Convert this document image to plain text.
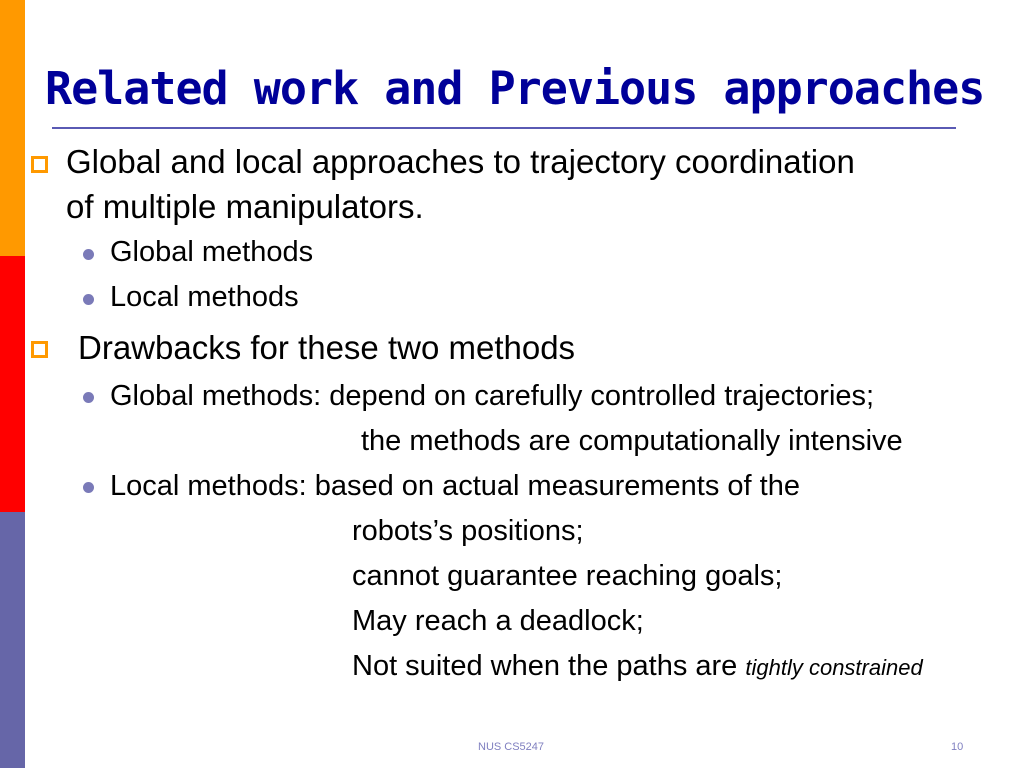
Related work and Previous approaches
Global and local approaches to trajectory coordination
of multiple manipulators.
Global methods
Local methods
Drawbacks for these two methods
Global methods: depend on carefully controlled trajectories;
the methods are computationally intensive
Local methods: based on actual measurements of the
robots’s positions;
cannot guarantee reaching goals;
May reach a deadlock;
Not suited when the paths are tightly constrained
NUS CS5247	10
